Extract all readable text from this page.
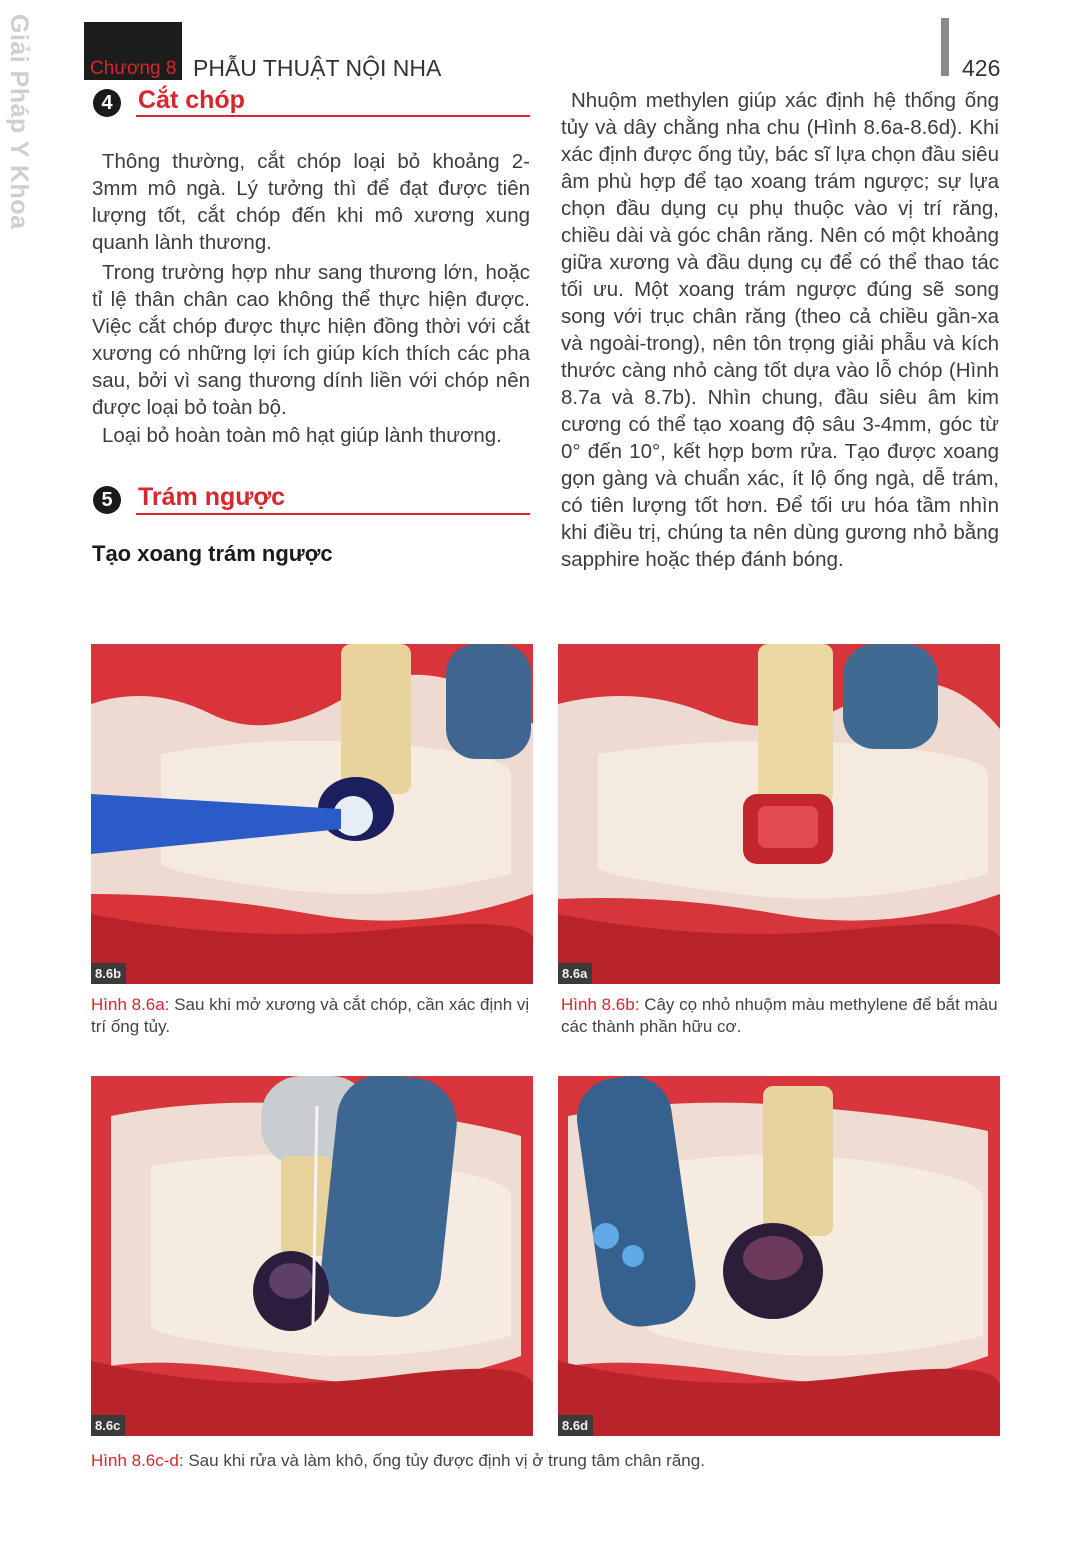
Giải Pháp Y Khoa	Chương 8 PHẪU THUẬT NỘI NHA	426
4	Cắt chóp
Thông thường, cắt chóp loại bỏ khoảng 2-3mm mô ngà. Lý tưởng thì để đạt được tiên lượng tốt, cắt chóp đến khi mô xương xung quanh lành thương.
Trong trường hợp như sang thương lớn, hoặc tỉ lệ thân chân cao không thể thực hiện được. Việc cắt chóp được thực hiện đồng thời với cắt xương có những lợi ích giúp kích thích các pha sau, bởi vì sang thương dính liền với chóp nên được loại bỏ toàn bộ.
Loại bỏ hoàn toàn mô hạt giúp lành thương.
5	Trám ngược
Tạo xoang trám ngược
Nhuộm methylen giúp xác định hệ thống ống tủy và dây chằng nha chu (Hình 8.6a-8.6d). Khi xác định được ống tủy, bác sĩ lựa chọn đầu siêu âm phù hợp để tạo xoang trám ngược; sự lựa chọn đầu dụng cụ phụ thuộc vào vị trí răng, chiều dài và góc chân răng. Nên có một khoảng giữa xương và đầu dụng cụ để có thể thao tác tối ưu. Một xoang trám ngược đúng sẽ song song với trục chân răng (theo cả chiều gần-xa và ngoài-trong), nên tôn trọng giải phẫu và kích thước càng nhỏ càng tốt dựa vào lỗ chóp (Hình 8.7a và 8.7b). Nhìn chung, đầu siêu âm kim cương có thể tạo xoang độ sâu 3-4mm, góc từ 0° đến 10°, kết hợp bơm rửa. Tạo được xoang gọn gàng và chuẩn xác, ít lộ ống ngà, dễ trám, có tiên lượng tốt hơn. Để tối ưu hóa tầm nhìn khi điều trị, chúng ta nên dùng gương nhỏ bằng sapphire hoặc thép đánh bóng.
8.6b
Hình 8.6a: Sau khi mở xương và cắt chóp, cần xác định vị trí ống tủy.
8.6a
Hình 8.6b: Cây cọ nhỏ nhuộm màu methylene để bắt màu các thành phần hữu cơ.
8.6c	8.6d
Hình 8.6c-d: Sau khi rửa và làm khô, ống tủy được định vị ở trung tâm chân răng.
